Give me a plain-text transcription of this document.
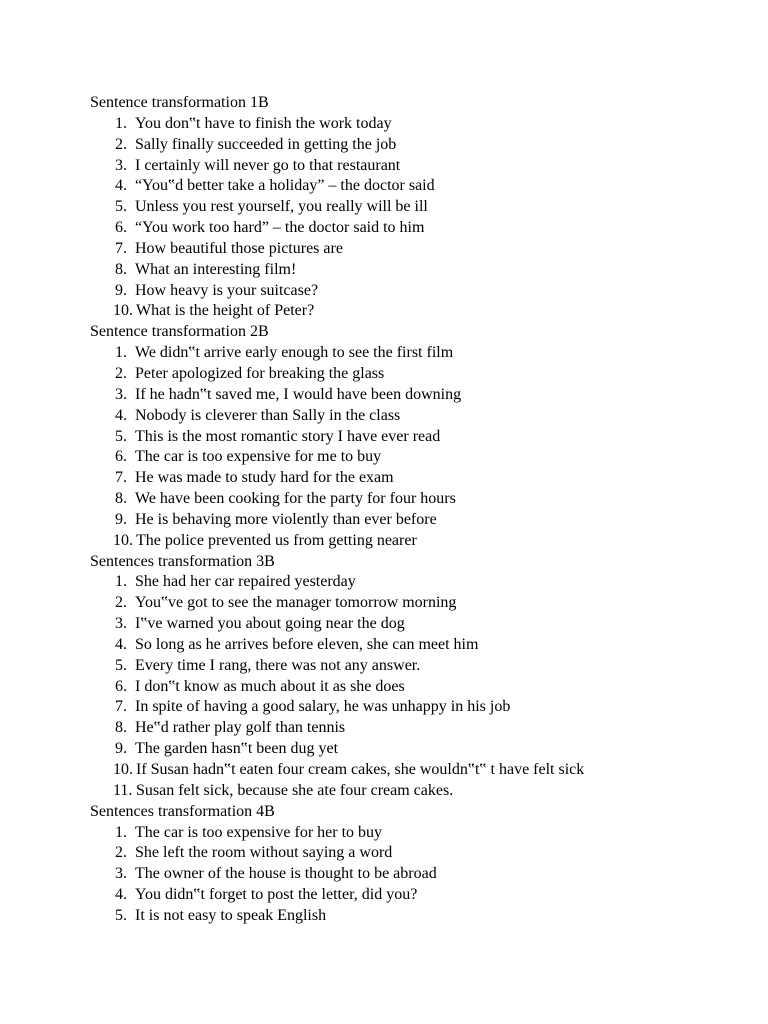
Sentence transformation 1B
1. You don‟t have to finish the work today
2. Sally finally succeeded in getting the job
3. I certainly will never go to that restaurant
4. “You‟d better take a holiday” – the doctor said
5. Unless you rest yourself, you really will be ill
6. “You work too hard” – the doctor said to him
7. How beautiful those pictures are
8. What an interesting film!
9. How heavy is your suitcase?
10. What is the height of Peter?
Sentence transformation 2B
1. We didn‟t arrive early enough to see the first film
2. Peter apologized for breaking the glass
3. If he hadn‟t saved me, I would have been downing
4. Nobody is cleverer than Sally in the class
5. This is the most romantic story I have ever read
6. The car is too expensive for me to buy
7. He was made to study hard for the exam
8. We have been cooking for the party for four hours
9. He is behaving more violently than ever before
10. The police prevented us from getting nearer
Sentences transformation 3B
1. She had her car repaired yesterday
2. You‟ve got to see the manager tomorrow morning
3. I‟ve warned you about going near the dog
4. So long as he arrives before eleven, she can meet him
5. Every time I rang, there was not any answer.
6. I don‟t know as much about it as she does
7. In spite of having a good salary, he was unhappy in his job
8. He‟d rather play golf than tennis
9. The garden hasn‟t been dug yet
10. If Susan hadn‟t eaten four cream cakes, she wouldn‟t‟ t have felt sick
11. Susan felt sick, because she ate four cream cakes.
Sentences transformation 4B
1. The car is too expensive for her to buy
2. She left the room without saying a word
3. The owner of the house is thought to be abroad
4. You didn‟t forget to post the letter, did you?
5. It is not easy to speak English
